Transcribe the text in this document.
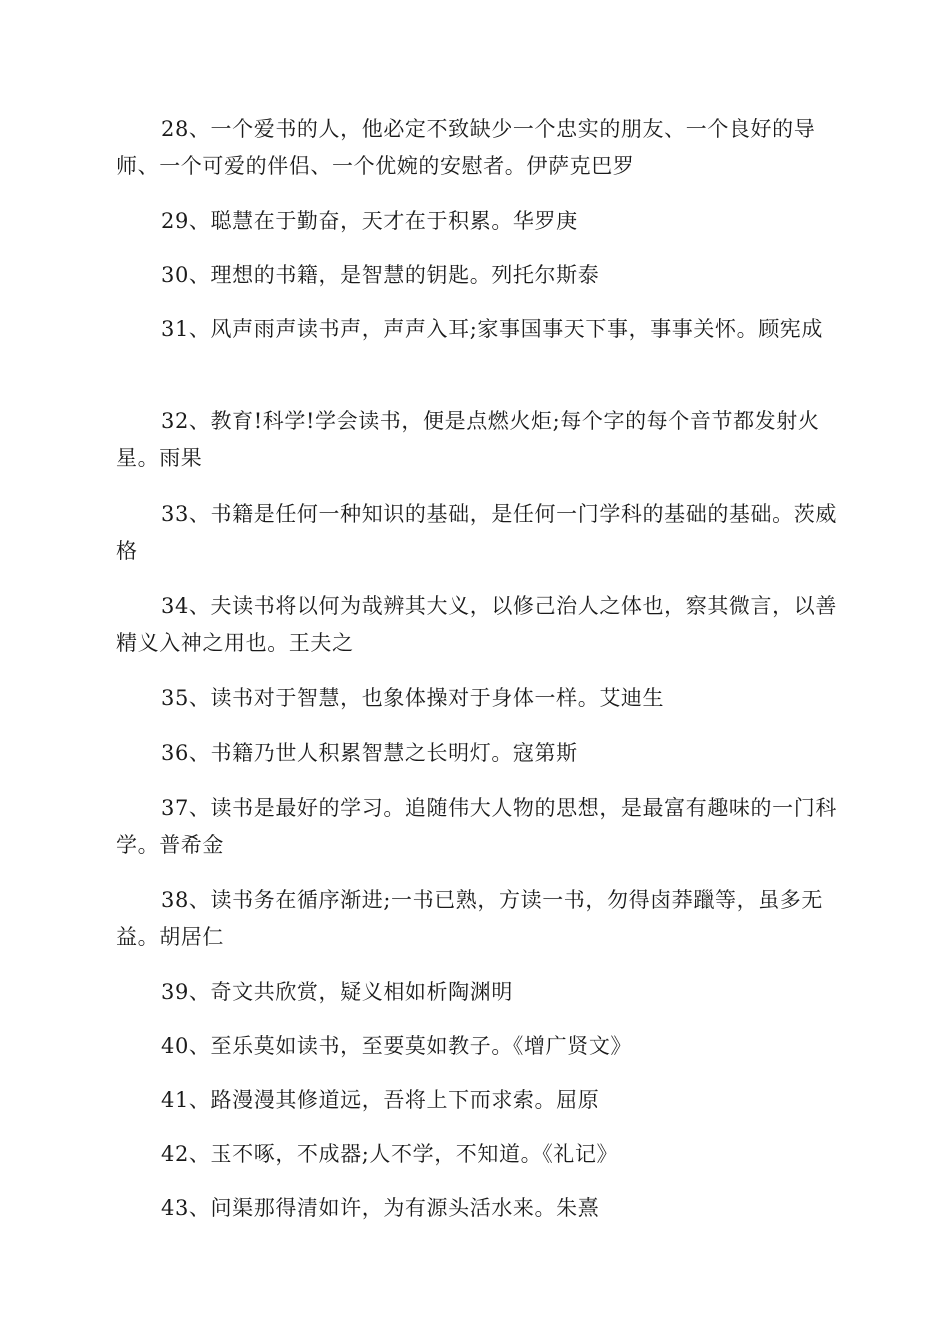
28、一个爱书的人，他必定不致缺少一个忠实的朋友、一个良好的导师、一个可爱的伴侣、一个优婉的安慰者。伊萨克巴罗

29、聪慧在于勤奋，天才在于积累。华罗庚

30、理想的书籍，是智慧的钥匙。列托尔斯泰

31、风声雨声读书声，声声入耳;家事国事天下事，事事关怀。顾宪成

32、教育!科学!学会读书，便是点燃火炬;每个字的每个音节都发射火星。雨果

33、书籍是任何一种知识的基础，是任何一门学科的基础的基础。茨威格

34、夫读书将以何为哉辨其大义，以修己治人之体也，察其微言，以善精义入神之用也。王夫之

35、读书对于智慧，也象体操对于身体一样。艾迪生

36、书籍乃世人积累智慧之长明灯。寇第斯

37、读书是最好的学习。追随伟大人物的思想，是最富有趣味的一门科学。普希金

38、读书务在循序渐进;一书已熟，方读一书，勿得卤莽躐等，虽多无益。胡居仁

39、奇文共欣赏，疑义相如析陶渊明

40、至乐莫如读书，至要莫如教子。《增广贤文》

41、路漫漫其修道远，吾将上下而求索。屈原

42、玉不啄，不成器;人不学，不知道。《礼记》

43、问渠那得清如许，为有源头活水来。朱熹
